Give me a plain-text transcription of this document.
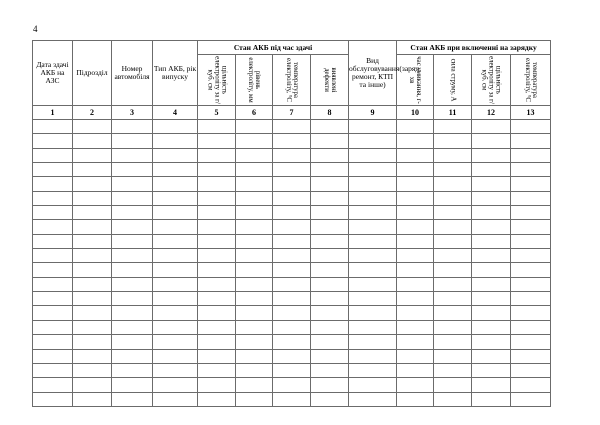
4
Дата здачі АКБ на АЗС	Підрозділ	Номер автомобіля	Тип АКБ, рік випуску	Стан АКБ під час здачі				Вид обслуговування(заряд, ремонт, КТП та інше)	Стан АКБ при включенні на зарядку			

				щільність електроліту за г/куб. см	рівень електроліту, мм	температура електроліту, °С	виявлені дефекти		час умикання, г-хв	сила струму, А	щільність електроліту за г/куб. см	температура електроліту, °С

1	2	3	4	5	6	7	8	9	10	11	12	13
